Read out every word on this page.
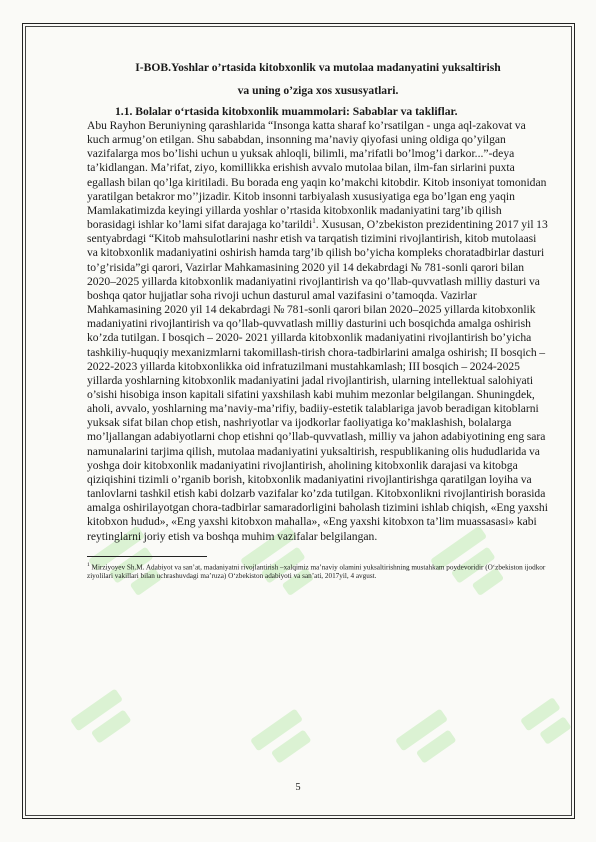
I-BOB.Yoshlar o’rtasida kitobxonlik va mutolaa madanyatini yuksaltirish

va uning o’ziga xos xususyatlari.

1.1. Bolalar o‘rtasida kitobxonlik muammolari: Sabablar va takliflar.

Abu Rayhon Beruniyning qarashlarida “Insonga katta sharaf ko’rsatilgan - unga aql-zakovat va kuch armug’on etilgan. Shu sababdan, insonning ma’naviy qiyofasi uning oldiga qo’yilgan vazifalarga mos bo’lishi uchun u yuksak ahloqli, bilimli, ma’rifatli bo’lmog’i darkor...”-deya ta’kidlangan. Ma’rifat, ziyo, komillikka erishish avvalo mutolaa bilan, ilm-fan sirlarini puxta egallash bilan qo’lga kiritiladi. Bu borada eng yaqin ko’makchi kitobdir. Kitob insoniyat tomonidan yaratilgan betakror mo’’jizadir. Kitob insonni tarbiyalash xususiyatiga ega bo’lgan eng yaqin Mamlakatimizda keyingi yillarda yoshlar o’rtasida kitobxonlik madaniyatini targ’ib qilish borasidagi ishlar ko’lami sifat darajaga ko’tarildi$^1$. Xususan, O’zbekiston prezidentining 2017 yil 13 sentyabrdagi “Kitob mahsulotlarini nashr etish va tarqatish tizimini rivojlantirish, kitob mutolaasi va kitobxonlik madaniyatini oshirish hamda targ’ib qilish bo’yicha kompleks choratadbirlar dasturi to’g’risida”gi qarori, Vazirlar Mahkamasining 2020 yil 14 dekabrdagi № 781-sonli qarori bilan 2020–2025 yillarda kitobxonlik madaniyatini rivojlantirish va qo’llab-quvvatlash milliy dasturi va boshqa qator hujjatlar soha rivoji uchun dasturul amal vazifasini o’tamoqda. Vazirlar Mahkamasining 2020 yil 14 dekabrdagi № 781-sonli qarori bilan 2020–2025 yillarda kitobxonlik madaniyatini rivojlantirish va qo’llab-quvvatlash milliy dasturini uch bosqichda amalga oshirish ko’zda tutilgan. I bosqich – 2020- 2021 yillarda kitobxonlik madaniyatini rivojlantirish bo’yicha tashkiliy-huquqiy mexanizmlarni takomillash-tirish chora-tadbirlarini amalga oshirish; II bosqich – 2022-2023 yillarda kitobxonlikka oid infratuzilmani mustahkamlash; III bosqich – 2024-2025 yillarda yoshlarning kitobxonlik madaniyatini jadal rivojlantirish, ularning intellektual salohiyati o’sishi hisobiga inson kapitali sifatini yaxshilash kabi muhim mezonlar belgilangan. Shuningdek, aholi, avvalo, yoshlarning ma’naviy-ma’rifiy, badiiy-estetik talablariga javob beradigan kitoblarni yuksak sifat bilan chop etish, nashriyotlar va ijodkorlar faoliyatiga ko’maklashish, bolalarga mo’ljallangan adabiyotlarni chop etishni qo’llab-quvvatlash, milliy va jahon adabiyotining eng sara namunalarini tarjima qilish, mutolaa madaniyatini yuksaltirish, respublikaning olis hududlarida va yoshga doir kitobxonlik madaniyatini rivojlantirish, aholining kitobxonlik darajasi va kitobga qiziqishini tizimli o’rganib borish, kitobxonlik madaniyatini rivojlantirishga qaratilgan loyiha va tanlovlarni tashkil etish kabi dolzarb vazifalar ko’zda tutilgan. Kitobxonlikni rivojlantirish borasida amalga oshirilayotgan chora-tadbirlar samaradorligini baholash tizimini ishlab chiqish, «Eng yaxshi kitobxon hudud», «Eng yaxshi kitobxon mahalla», «Eng yaxshi kitobxon ta’lim muassasasi» kabi reytinglarni joriy etish va boshqa muhim vazifalar belgilangan.

$^1$ Mirziyoyev Sh.M. Adabiyot va san’at, madaniyatni rivojlantirish –xalqimiz ma’naviy olamini yuksaltirishning mustahkam poydevoridir (O‘zbekiston ijodkor ziyolilari vakillari bilan uchrashuvdagi ma’ruza) O‘zbekiston adabiyoti va san’ati, 2017yil, 4 avgust.

5
